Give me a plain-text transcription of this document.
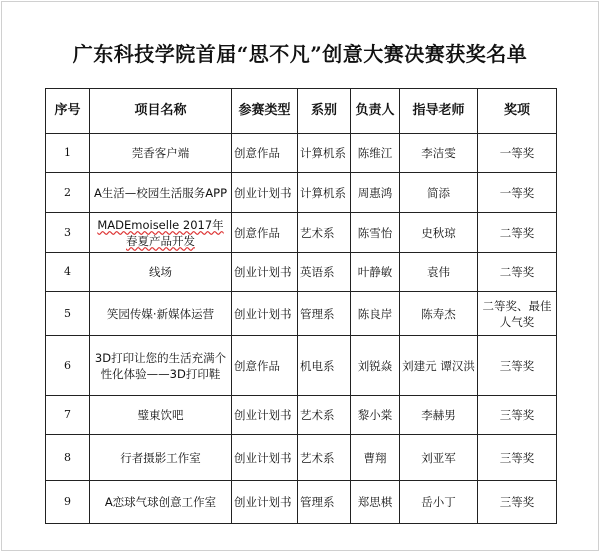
广东科技学院首届“思不凡”创意大赛决赛获奖名单
序号	项目名称	参赛类型	系别	负责人	指导老师	奖项
1	莞香客户端	创意作品	计算机系	陈维江	李洁雯	一等奖
2	A生活—校园生活服务APP	创业计划书	计算机系	周惠鸿	简添	一等奖
3	MADEmoiselle 2017年春夏产品开发	创意作品	艺术系	陈雪怡	史秋琼	二等奖
4	线场	创业计划书	英语系	叶静敏	袁伟	二等奖
5	笑园传媒·新媒体运营	创业计划书	管理系	陈良岸	陈寿杰	二等奖、最佳人气奖
6	3D打印让您的生活充满个性化体验——3D打印鞋	创意作品	机电系	刘锐焱	刘建元 谭汉洪	三等奖
7	璧東饮吧	创业计划书	艺术系	黎小棠	李赫男	三等奖
8	行者摄影工作室	创业计划书	艺术系	曹翔	刘亚军	三等奖
9	A恋球气球创意工作室	创业计划书	管理系	郑思棋	岳小丁	三等奖
